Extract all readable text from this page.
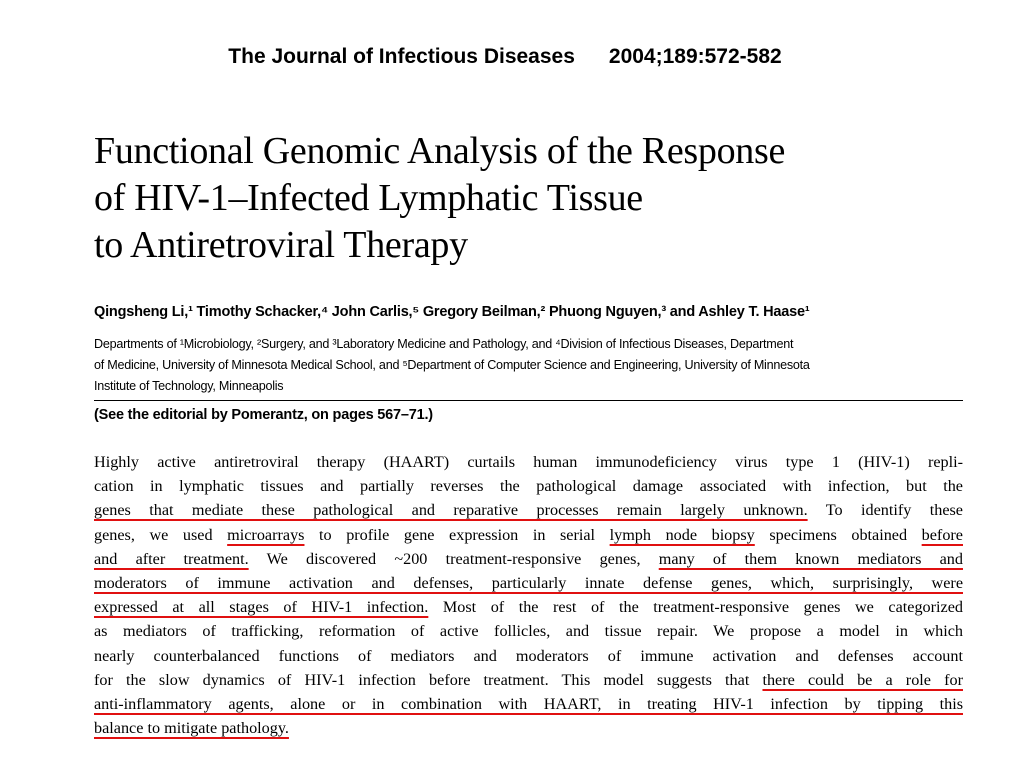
The Journal of Infectious Diseases 2004;189:572-582
Functional Genomic Analysis of the Response
of HIV-1–Infected Lymphatic Tissue
to Antiretroviral Therapy
Qingsheng Li,¹ Timothy Schacker,⁴ John Carlis,⁵ Gregory Beilman,² Phuong Nguyen,³ and Ashley T. Haase¹
Departments of ¹Microbiology, ²Surgery, and ³Laboratory Medicine and Pathology, and ⁴Division of Infectious Diseases, Department
of Medicine, University of Minnesota Medical School, and ⁵Department of Computer Science and Engineering, University of Minnesota
Institute of Technology, Minneapolis
(See the editorial by Pomerantz, on pages 567–71.)
Highly active antiretroviral therapy (HAART) curtails human immunodeficiency virus type 1 (HIV-1) repli-
cation in lymphatic tissues and partially reverses the pathological damage associated with infection, but the
genes that mediate these pathological and reparative processes remain largely unknown. To identify these
genes, we used microarrays to profile gene expression in serial lymph node biopsy specimens obtained before
and after treatment. We discovered ~200 treatment-responsive genes, many of them known mediators and
moderators of immune activation and defenses, particularly innate defense genes, which, surprisingly, were
expressed at all stages of HIV-1 infection. Most of the rest of the treatment-responsive genes we categorized
as mediators of trafficking, reformation of active follicles, and tissue repair. We propose a model in which
nearly counterbalanced functions of mediators and moderators of immune activation and defenses account
for the slow dynamics of HIV-1 infection before treatment. This model suggests that there could be a role for
anti-inflammatory agents, alone or in combination with HAART, in treating HIV-1 infection by tipping this
balance to mitigate pathology.
